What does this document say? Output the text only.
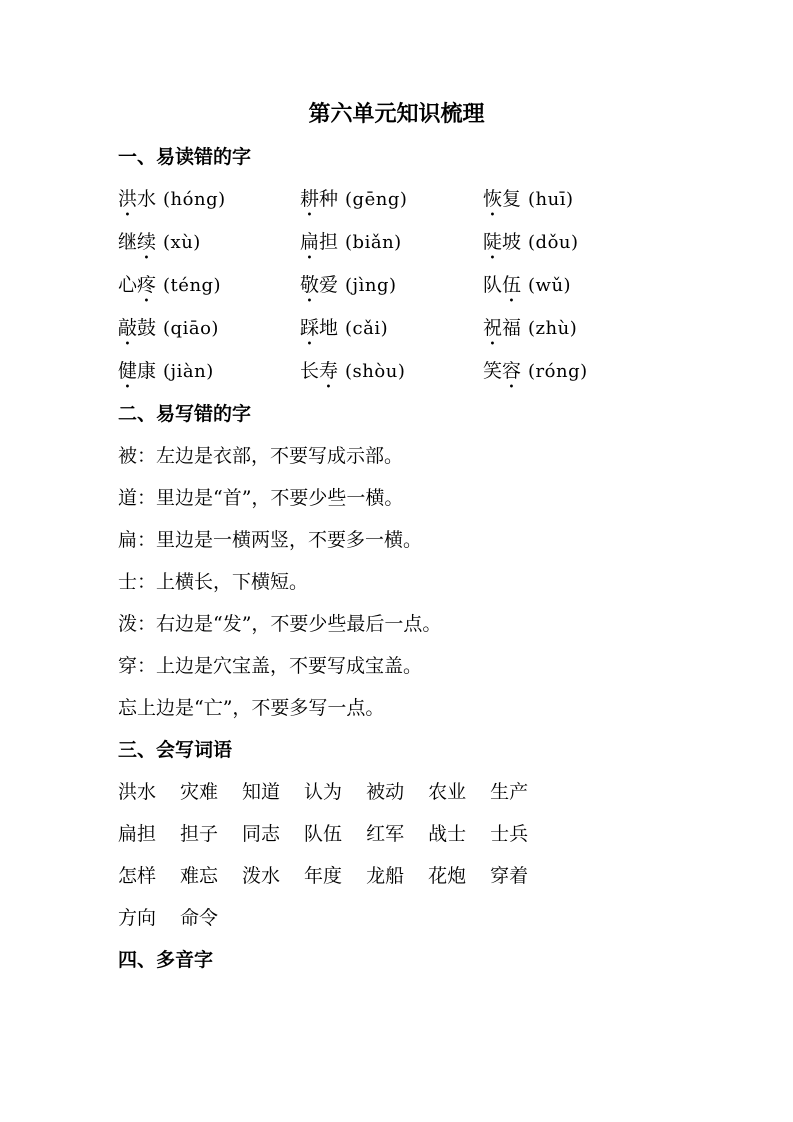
第六单元知识梳理
一、易读错的字
洪水 (hóng)	耕种 (gēng)	恢复 (huī)
继续 (xù)	扁担 (biǎn)	陡坡 (dǒu)
心疼 (téng)	敬爱 (jìng)	队伍 (wǔ)
敲鼓 (qiāo)	踩地 (cǎi)	祝福 (zhù)
健康 (jiàn)	长寿 (shòu)	笑容 (róng)
二、易写错的字

被：左边是衣部，不要写成示部。

道：里边是“首”，不要少些一横。

扁：里边是一横两竖，不要多一横。

士：上横长，下横短。

泼：右边是“发”，不要少些最后一点。

穿：上边是穴宝盖，不要写成宝盖。

忘上边是“亡”，不要多写一点。

三、会写词语
洪水 灾难 知道 认为 被动 农业 生产
扁担 担子 同志 队伍 红军 战士 士兵
怎样 难忘 泼水 年度 龙船 花炮 穿着
方向 命令
四、多音字
